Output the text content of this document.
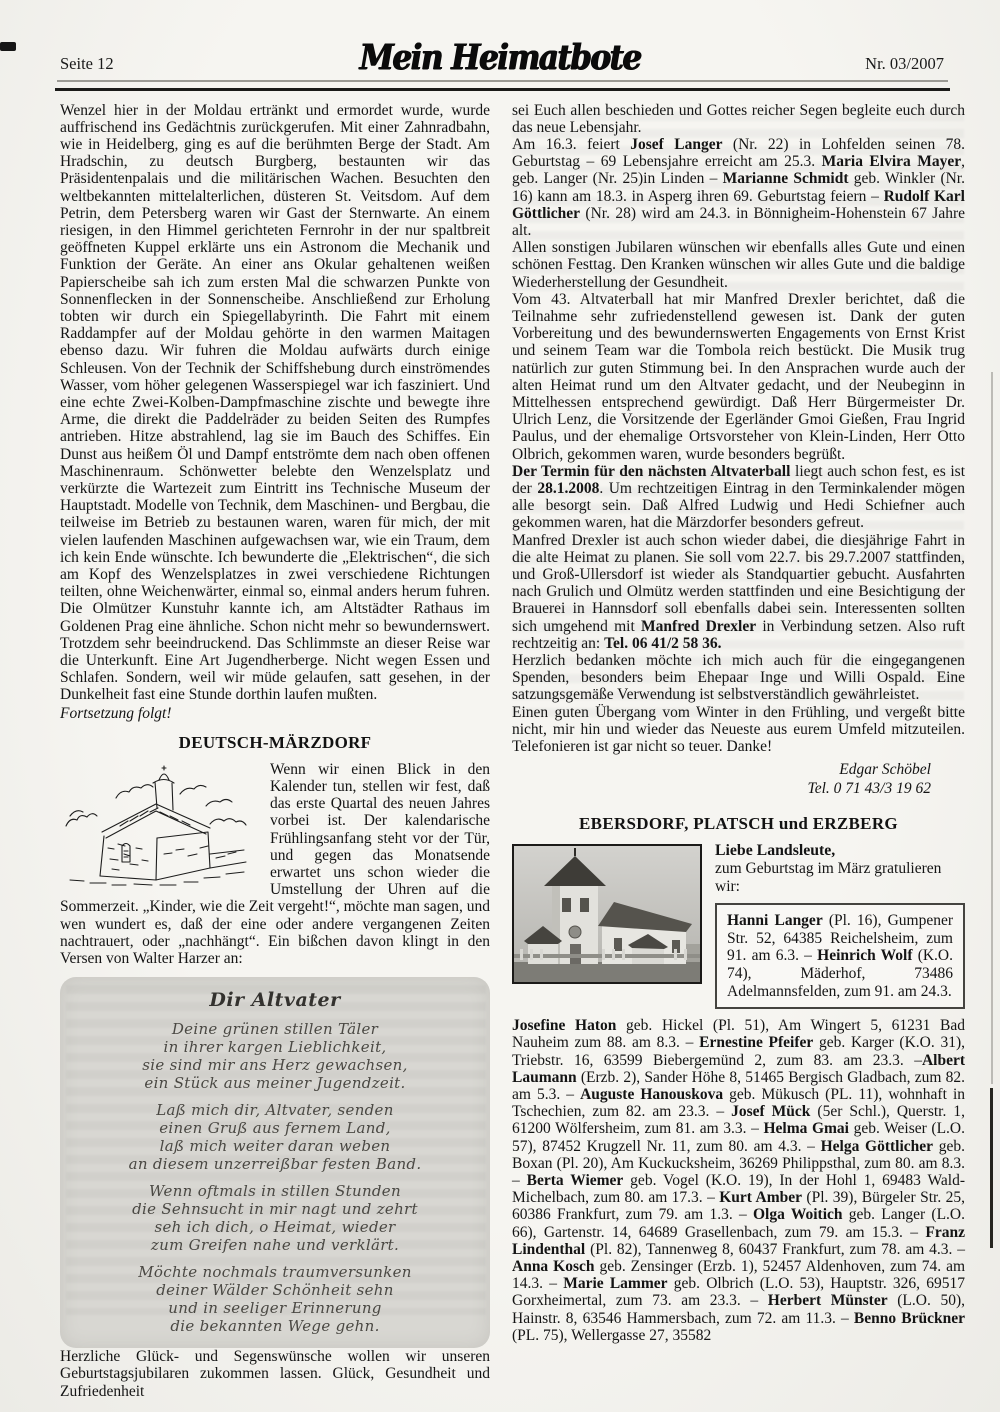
Seite 12	Mein Heimatbote	Nr. 03/2007

Wenzel hier in der Moldau ertränkt und ermordet wurde, wurde auffrischend ins Gedächtnis zurückgerufen. Mit einer Zahnradbahn, wie in Heidelberg, ging es auf die berühmten Berge der Stadt. Am Hradschin, zu deutsch Burgberg, bestaunten wir das Präsidentenpalais und die militärischen Wachen. Besuchten den weltbekannten mittelalterlichen, düsteren St. Veitsdom. Auf dem Petrin, dem Petersberg waren wir Gast der Sternwarte. An einem riesigen, in den Himmel gerichteten Fernrohr in der nur spaltbreit geöffneten Kuppel erklärte uns ein Astronom die Mechanik und Funktion der Geräte. An einer ans Okular gehaltenen weißen Papierscheibe sah ich zum ersten Mal die schwarzen Punkte von Sonnenflecken in der Sonnenscheibe. Anschließend zur Erholung tobten wir durch ein Spiegellabyrinth. Die Fahrt mit einem Raddampfer auf der Moldau gehörte in den warmen Maitagen ebenso dazu. Wir fuhren die Moldau aufwärts durch einige Schleusen. Von der Technik der Schiffshebung durch einströmendes Wasser, vom höher gelegenen Wasserspiegel war ich fasziniert. Und eine echte Zwei-Kolben-Dampfmaschine zischte und bewegte ihre Arme, die direkt die Paddelräder zu beiden Seiten des Rumpfes antrieben. Hitze abstrahlend, lag sie im Bauch des Schiffes. Ein Dunst aus heißem Öl und Dampf entströmte dem nach oben offenen Maschinenraum. Schönwetter belebte den Wenzelsplatz und verkürzte die Wartezeit zum Eintritt ins Technische Museum der Hauptstadt. Modelle von Technik, dem Maschinen- und Bergbau, die teilweise im Betrieb zu bestaunen waren, waren für mich, der mit vielen laufenden Maschinen aufgewachsen war, wie ein Traum, dem ich kein Ende wünschte. Ich bewunderte die „Elektrischen“, die sich am Kopf des Wenzelsplatzes in zwei verschiedene Richtungen teilten, ohne Weichenwärter, einmal so, einmal anders herum fuhren. Die Olmützer Kunstuhr kannte ich, am Altstädter Rathaus im Goldenen Prag eine ähnliche. Schon nicht mehr so bewundernswert. Trotzdem sehr beeindruckend. Das Schlimmste an dieser Reise war die Unterkunft. Eine Art Jugendherberge. Nicht wegen Essen und Schlafen. Sondern, weil wir müde gelaufen, satt gesehen, in der Dunkelheit fast eine Stunde dorthin laufen mußten.

Fortsetzung folgt!

DEUTSCH-MÄRZDORF

Wenn wir einen Blick in den Kalender tun, stellen wir fest, daß das erste Quartal des neuen Jahres vorbei ist. Der kalendarische Frühlingsanfang steht vor der Tür, und gegen das Monatsende erwartet uns schon wieder die Umstellung der Uhren auf die Sommerzeit. „Kinder, wie die Zeit vergeht!“, möchte man sagen, und wen wundert es, daß der eine oder andere vergangenen Zeiten nachtrauert, oder „nachhängt“. Ein bißchen davon klingt in den Versen von Walter Harzer an:

Dir Altvater
Deine grünen stillen Täler
in ihrer kargen Lieblichkeit,
sie sind mir ans Herz gewachsen,
ein Stück aus meiner Jugendzeit.
Laß mich dir, Altvater, senden
einen Gruß aus fernem Land,
laß mich weiter daran weben
an diesem unzerreißbar festen Band.
Wenn oftmals in stillen Stunden
die Sehnsucht in mir nagt und zehrt
seh ich dich, o Heimat, wieder
zum Greifen nahe und verklärt.
Möchte nochmals traumversunken
deiner Wälder Schönheit sehn
und in seeliger Erinnerung
die bekannten Wege gehn.

Herzliche Glück- und Segenswünsche wollen wir unseren Geburtstagsjubilaren zukommen lassen. Glück, Gesundheit und Zufriedenheit

sei Euch allen beschieden und Gottes reicher Segen begleite euch durch das neue Lebensjahr.

Am 16.3. feiert Josef Langer (Nr. 22) in Lohfelden seinen 78. Geburtstag – 69 Lebensjahre erreicht am 25.3. Maria Elvira Mayer, geb. Langer (Nr. 25)in Linden – Marianne Schmidt geb. Winkler (Nr. 16) kann am 18.3. in Asperg ihren 69. Geburtstag feiern – Rudolf Karl Göttlicher (Nr. 28) wird am 24.3. in Bönnigheim-Hohenstein 67 Jahre alt.

Allen sonstigen Jubilaren wünschen wir ebenfalls alles Gute und einen schönen Festtag. Den Kranken wünschen wir alles Gute und die baldige Wiederherstellung der Gesundheit.

Vom 43. Altvaterball hat mir Manfred Drexler berichtet, daß die Teilnahme sehr zufriedenstellend gewesen ist. Dank der guten Vorbereitung und des bewundernswerten Engagements von Ernst Krist und seinem Team war die Tombola reich bestückt. Die Musik trug natürlich zur guten Stimmung bei. In den Ansprachen wurde auch der alten Heimat rund um den Altvater gedacht, und der Neubeginn in Mittelhessen entsprechend gewürdigt. Daß Herr Bürgermeister Dr. Ulrich Lenz, die Vorsitzende der Egerländer Gmoi Gießen, Frau Ingrid Paulus, und der ehemalige Ortsvorsteher von Klein-Linden, Herr Otto Olbrich, gekommen waren, wurde besonders begrüßt.

Der Termin für den nächsten Altvaterball liegt auch schon fest, es ist der 28.1.2008. Um rechtzeitigen Eintrag in den Terminkalender mögen alle besorgt sein. Daß Alfred Ludwig und Hedi Schiefner auch gekommen waren, hat die Märzdorfer besonders gefreut.

Manfred Drexler ist auch schon wieder dabei, die diesjährige Fahrt in die alte Heimat zu planen. Sie soll vom 22.7. bis 29.7.2007 stattfinden, und Groß-Ullersdorf ist wieder als Standquartier gebucht. Ausfahrten nach Grulich und Olmütz werden stattfinden und eine Besichtigung der Brauerei in Hannsdorf soll ebenfalls dabei sein. Interessenten sollten sich umgehend mit Manfred Drexler in Verbindung setzen. Also ruft rechtzeitig an: Tel. 06 41/2 58 36.

Herzlich bedanken möchte ich mich auch für die eingegangenen Spenden, besonders beim Ehepaar Inge und Willi Ospald. Eine satzungsgemäße Verwendung ist selbstverständlich gewährleistet.

Einen guten Übergang vom Winter in den Frühling, und vergeßt bitte nicht, mir hin und wieder das Neueste aus eurem Umfeld mitzuteilen. Telefonieren ist gar nicht so teuer. Danke!

Edgar Schöbel
Tel. 0 71 43/3 19 62
EBERSDORF, PLATSCH und ERZBERG
Liebe Landsleute,
zum Geburtstag im März gratulieren wir:
Hanni Langer (Pl. 16), Gumpener Str. 52, 64385 Reichelsheim, zum 91. am 6.3. – Heinrich Wolf (K.O. 74), Mäderhof, 73486 Adelmannsfelden, zum 91. am 24.3.

Josefine Haton geb. Hickel (Pl. 51), Am Wingert 5, 61231 Bad Nauheim zum 88. am 8.3. – Ernestine Pfeifer geb. Karger (K.O. 31), Triebstr. 16, 63599 Biebergemünd 2, zum 83. am 23.3. –Albert Laumann (Erzb. 2), Sander Höhe 8, 51465 Bergisch Gladbach, zum 82. am 5.3. – Auguste Hanouskova geb. Mükusch (PL. 11), wohnhaft in Tschechien, zum 82. am 23.3. – Josef Mück (5er Schl.), Querstr. 1, 61200 Wölfersheim, zum 81. am 3.3. – Helma Gmai geb. Weiser (L.O. 57), 87452 Krugzell Nr. 11, zum 80. am 4.3. – Helga Göttlicher geb. Boxan (Pl. 20), Am Kuckucksheim, 36269 Philippsthal, zum 80. am 8.3. – Berta Wiemer geb. Vogel (K.O. 19), In der Hohl 1, 69483 Wald-Michelbach, zum 80. am 17.3. – Kurt Amber (Pl. 39), Bürgeler Str. 25, 60386 Frankfurt, zum 79. am 1.3. – Olga Woitich geb. Langer (L.O. 66), Gartenstr. 14, 64689 Grasellenbach, zum 79. am 15.3. – Franz Lindenthal (Pl. 82), Tannenweg 8, 60437 Frankfurt, zum 78. am 4.3. – Anna Kosch geb. Zensinger (Erzb. 1), 52457 Aldenhoven, zum 74. am 14.3. – Marie Lammer geb. Olbrich (L.O. 53), Hauptstr. 326, 69517 Gorxheimertal, zum 73. am 23.3. – Herbert Münster (L.O. 50), Hainstr. 8, 63546 Hammersbach, zum 72. am 11.3. – Benno Brückner (PL. 75), Wellergasse 27, 35582
